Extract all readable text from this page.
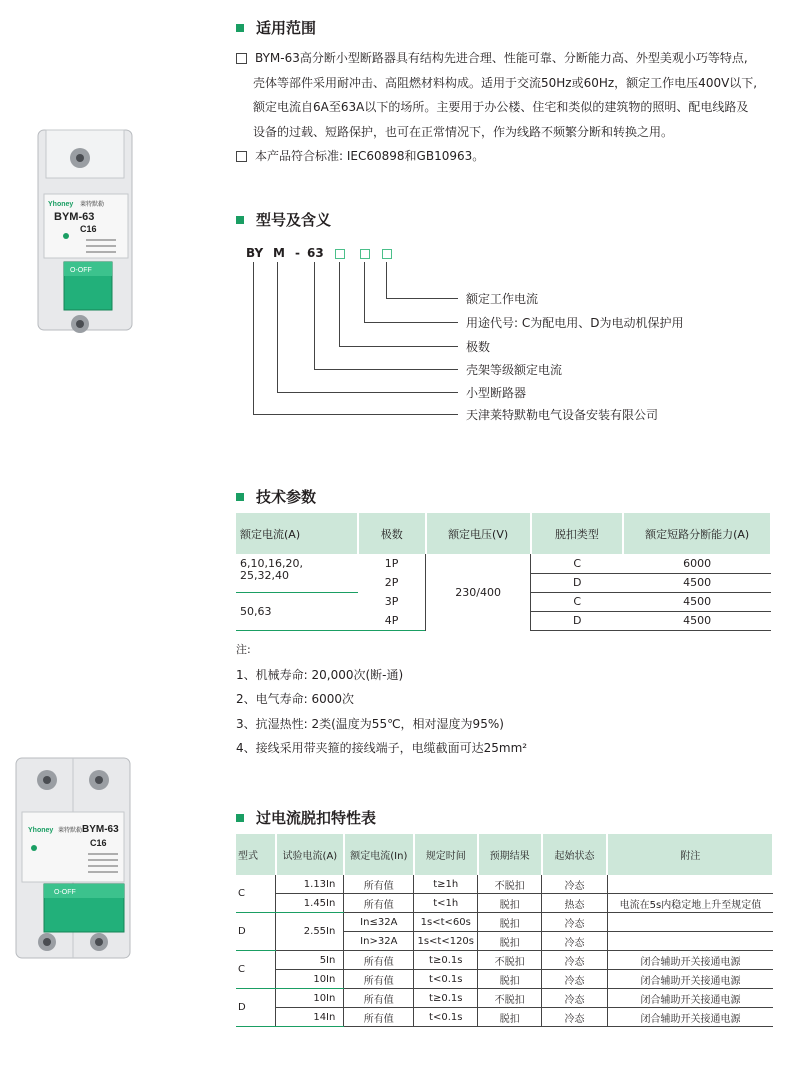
适用范围
BYM-63高分断小型断路器具有结构先进合理、性能可靠、分断能力高、外型美观小巧等特点,
壳体等部件采用耐冲击、高阻燃材料构成。适用于交流50Hz或60Hz，额定工作电压400V以下,
额定电流自6A至63A以下的场所。主要用于办公楼、住宅和类似的建筑物的照明、配电线路及
设备的过载、短路保护，也可在正常情况下，作为线路不频繁分断和转换之用。
本产品符合标准: IEC60898和GB10963。
Yhoney 莱特默勒
BYM-63
C16
O-OFF
型号及含义
BY M - 63
额定工作电流
用途代号: C为配电用、D为电动机保护用
极数
壳架等级额定电流
小型断路器
天津莱特默勒电气设备安装有限公司
技术参数
额定电流(A)	极数	额定电压(V)	脱扣类型	额定短路分断能力(A)

6,10,16,20,
25,32,40	1P	230/400	C	6000
	2P		D	4500
50,63	3P		C	4500
	4P		D	4500
注:
1、机械寿命: 20,000次(断-通)
2、电气寿命: 6000次
3、抗湿热性: 2类(温度为55℃，相对湿度为95%)
4、接线采用带夹箍的接线端子，电缆截面可达25mm²
Yhoney 莱特默勒 BYM-63
C16
O-OFF
过电流脱扣特性表
型式	试验电流(A)	额定电流(In)	规定时间	预期结果	起始状态	附注
C	1.13In	所有值	t≥1h	不脱扣	冷态	
	1.45In	所有值	t<1h	脱扣	热态	电流在5s内稳定地上升至规定值
D	2.55In	In≤32A	1s<t<60s	脱扣	冷态	
		In>32A	1s<t<120s	脱扣	冷态	
C	5In	所有值	t≥0.1s	不脱扣	冷态	闭合辅助开关接通电源
	10In	所有值	t<0.1s	脱扣	冷态	闭合辅助开关接通电源
D	10In	所有值	t≥0.1s	不脱扣	冷态	闭合辅助开关接通电源
	14In	所有值	t<0.1s	脱扣	冷态	闭合辅助开关接通电源
